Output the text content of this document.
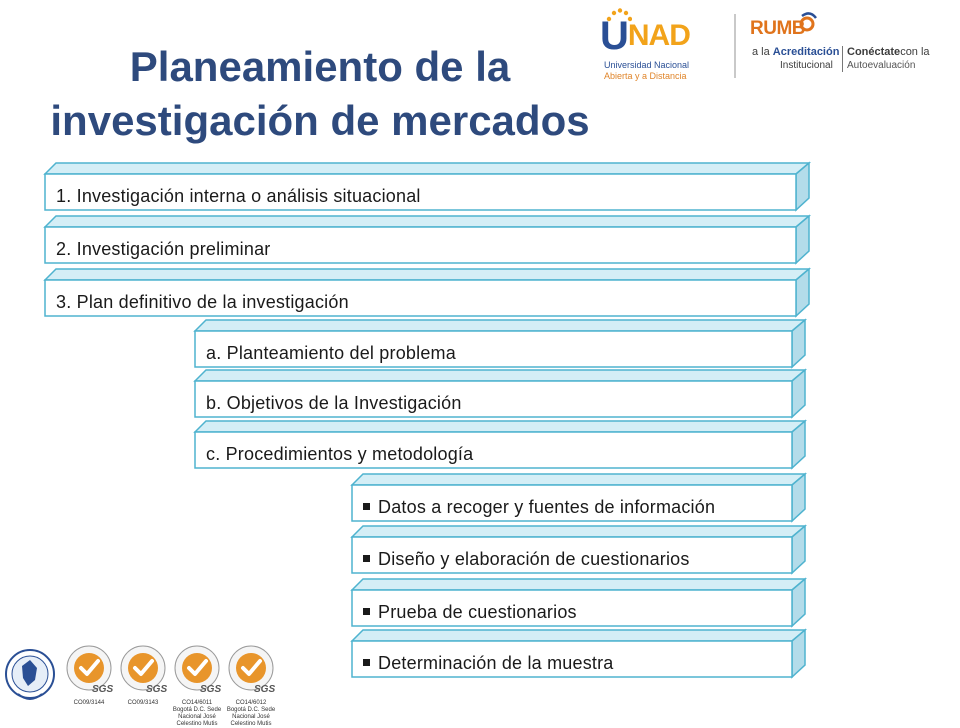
Planeamiento de la
investigación de mercados
$U^{NAD}$
Universidad Nacional
Abierta y a Distancia
RUMB
a la Acreditación
Institucional
Conéctatecon la
Autoevaluación
1. Investigación interna o análisis situacional
2. Investigación preliminar
3. Plan definitivo de la investigación
a. Planteamiento del problema
b. Objetivos de la Investigación
c. Procedimientos y metodología
Datos a recoger y fuentes de información
Diseño y elaboración de cuestionarios
Prueba de cuestionarios
Determinación de la muestra
SGS
CO09/3144
SGS
CO09/3143
SGS
CO14/6011
Bogotá D.C. Sede
Nacional José
Celestino Mutis
SGS
CO14/6012
Bogotá D.C. Sede
Nacional José
Celestino Mutis
